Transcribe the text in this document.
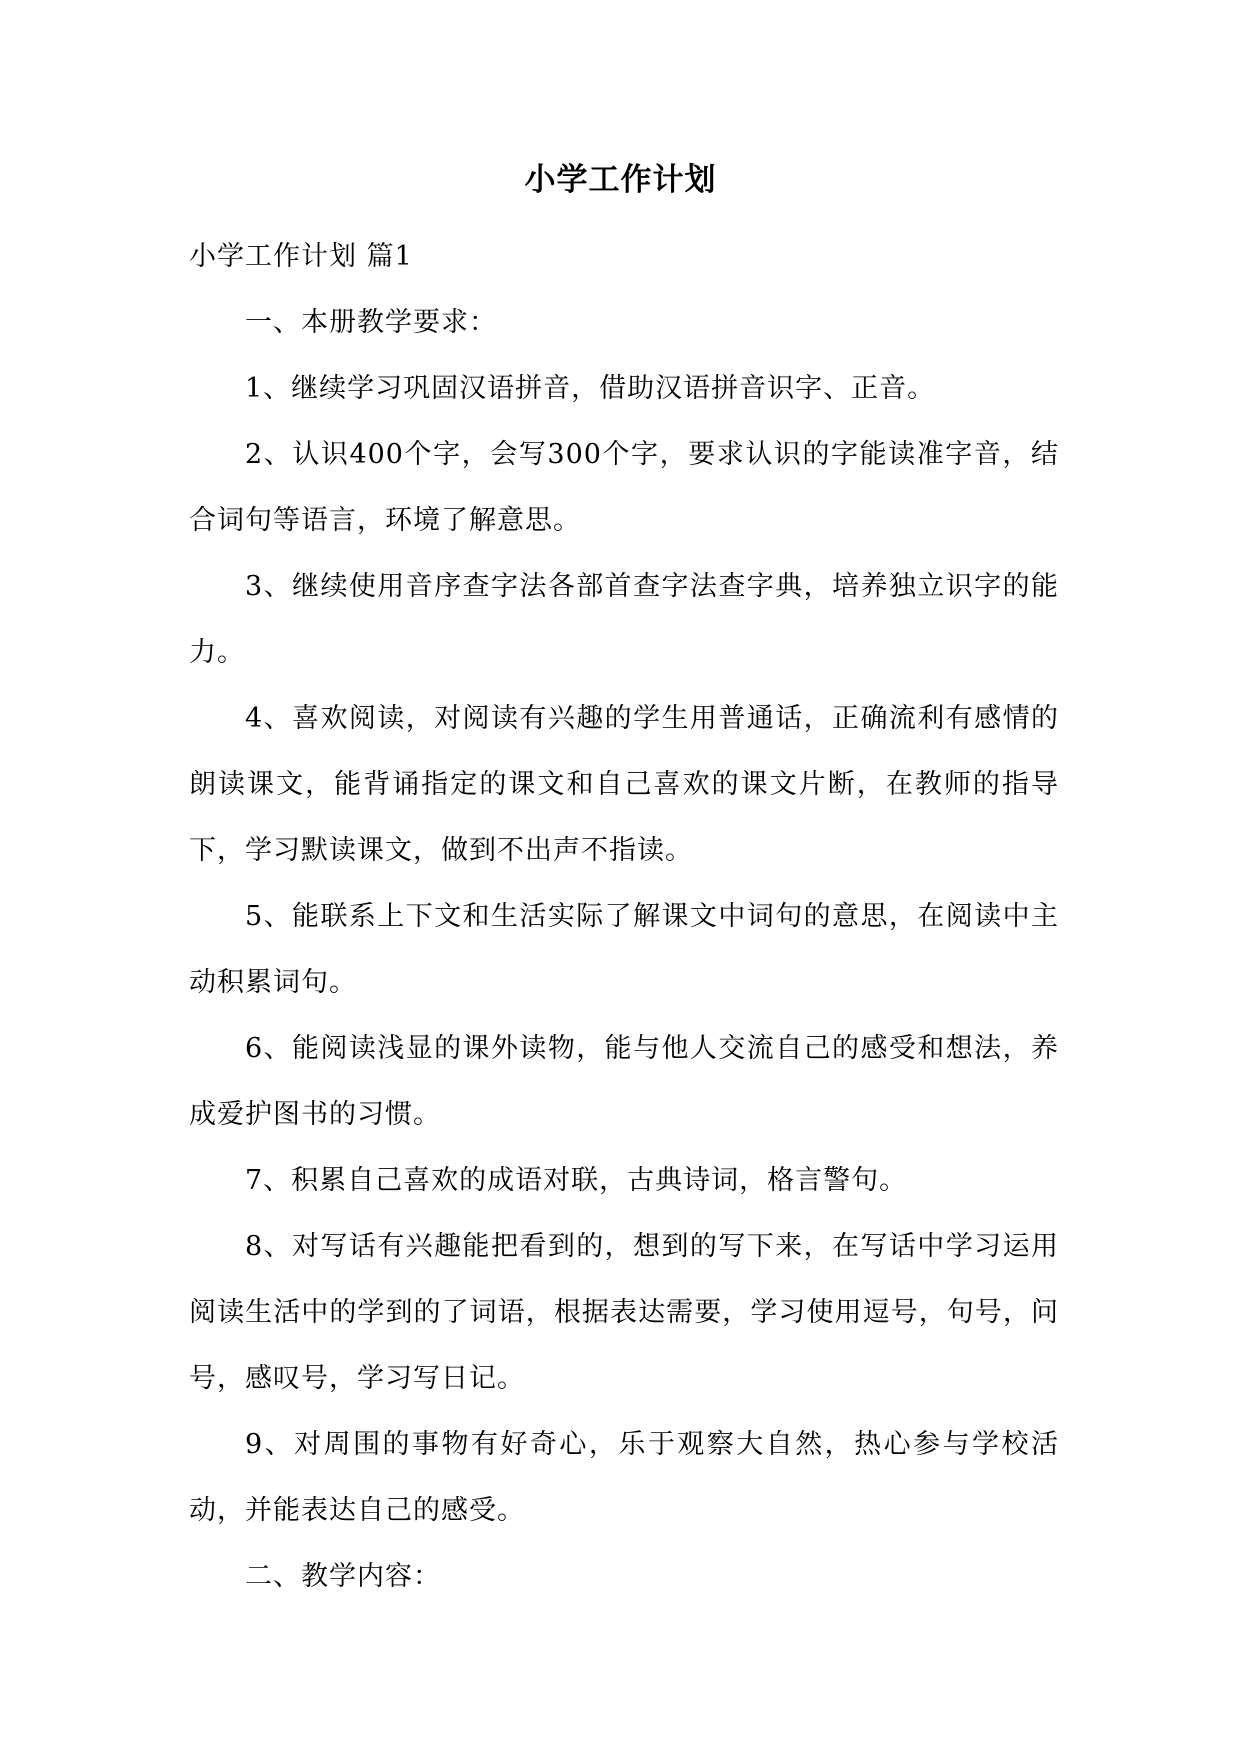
小学工作计划

小学工作计划 篇1

一、本册教学要求：

1、继续学习巩固汉语拼音，借助汉语拼音识字、正音。

2、认识400个字，会写300个字，要求认识的字能读准字音，结合词句等语言，环境了解意思。

3、继续使用音序查字法各部首查字法查字典，培养独立识字的能力。

4、喜欢阅读，对阅读有兴趣的学生用普通话，正确流利有感情的朗读课文，能背诵指定的课文和自己喜欢的课文片断，在教师的指导下，学习默读课文，做到不出声不指读。

5、能联系上下文和生活实际了解课文中词句的意思，在阅读中主动积累词句。

6、能阅读浅显的课外读物，能与他人交流自己的感受和想法，养成爱护图书的习惯。

7、积累自己喜欢的成语对联，古典诗词，格言警句。

8、对写话有兴趣能把看到的，想到的写下来，在写话中学习运用阅读生活中的学到的了词语，根据表达需要，学习使用逗号，句号，问号，感叹号，学习写日记。

9、对周围的事物有好奇心，乐于观察大自然，热心参与学校活动，并能表达自己的感受。

二、教学内容：
